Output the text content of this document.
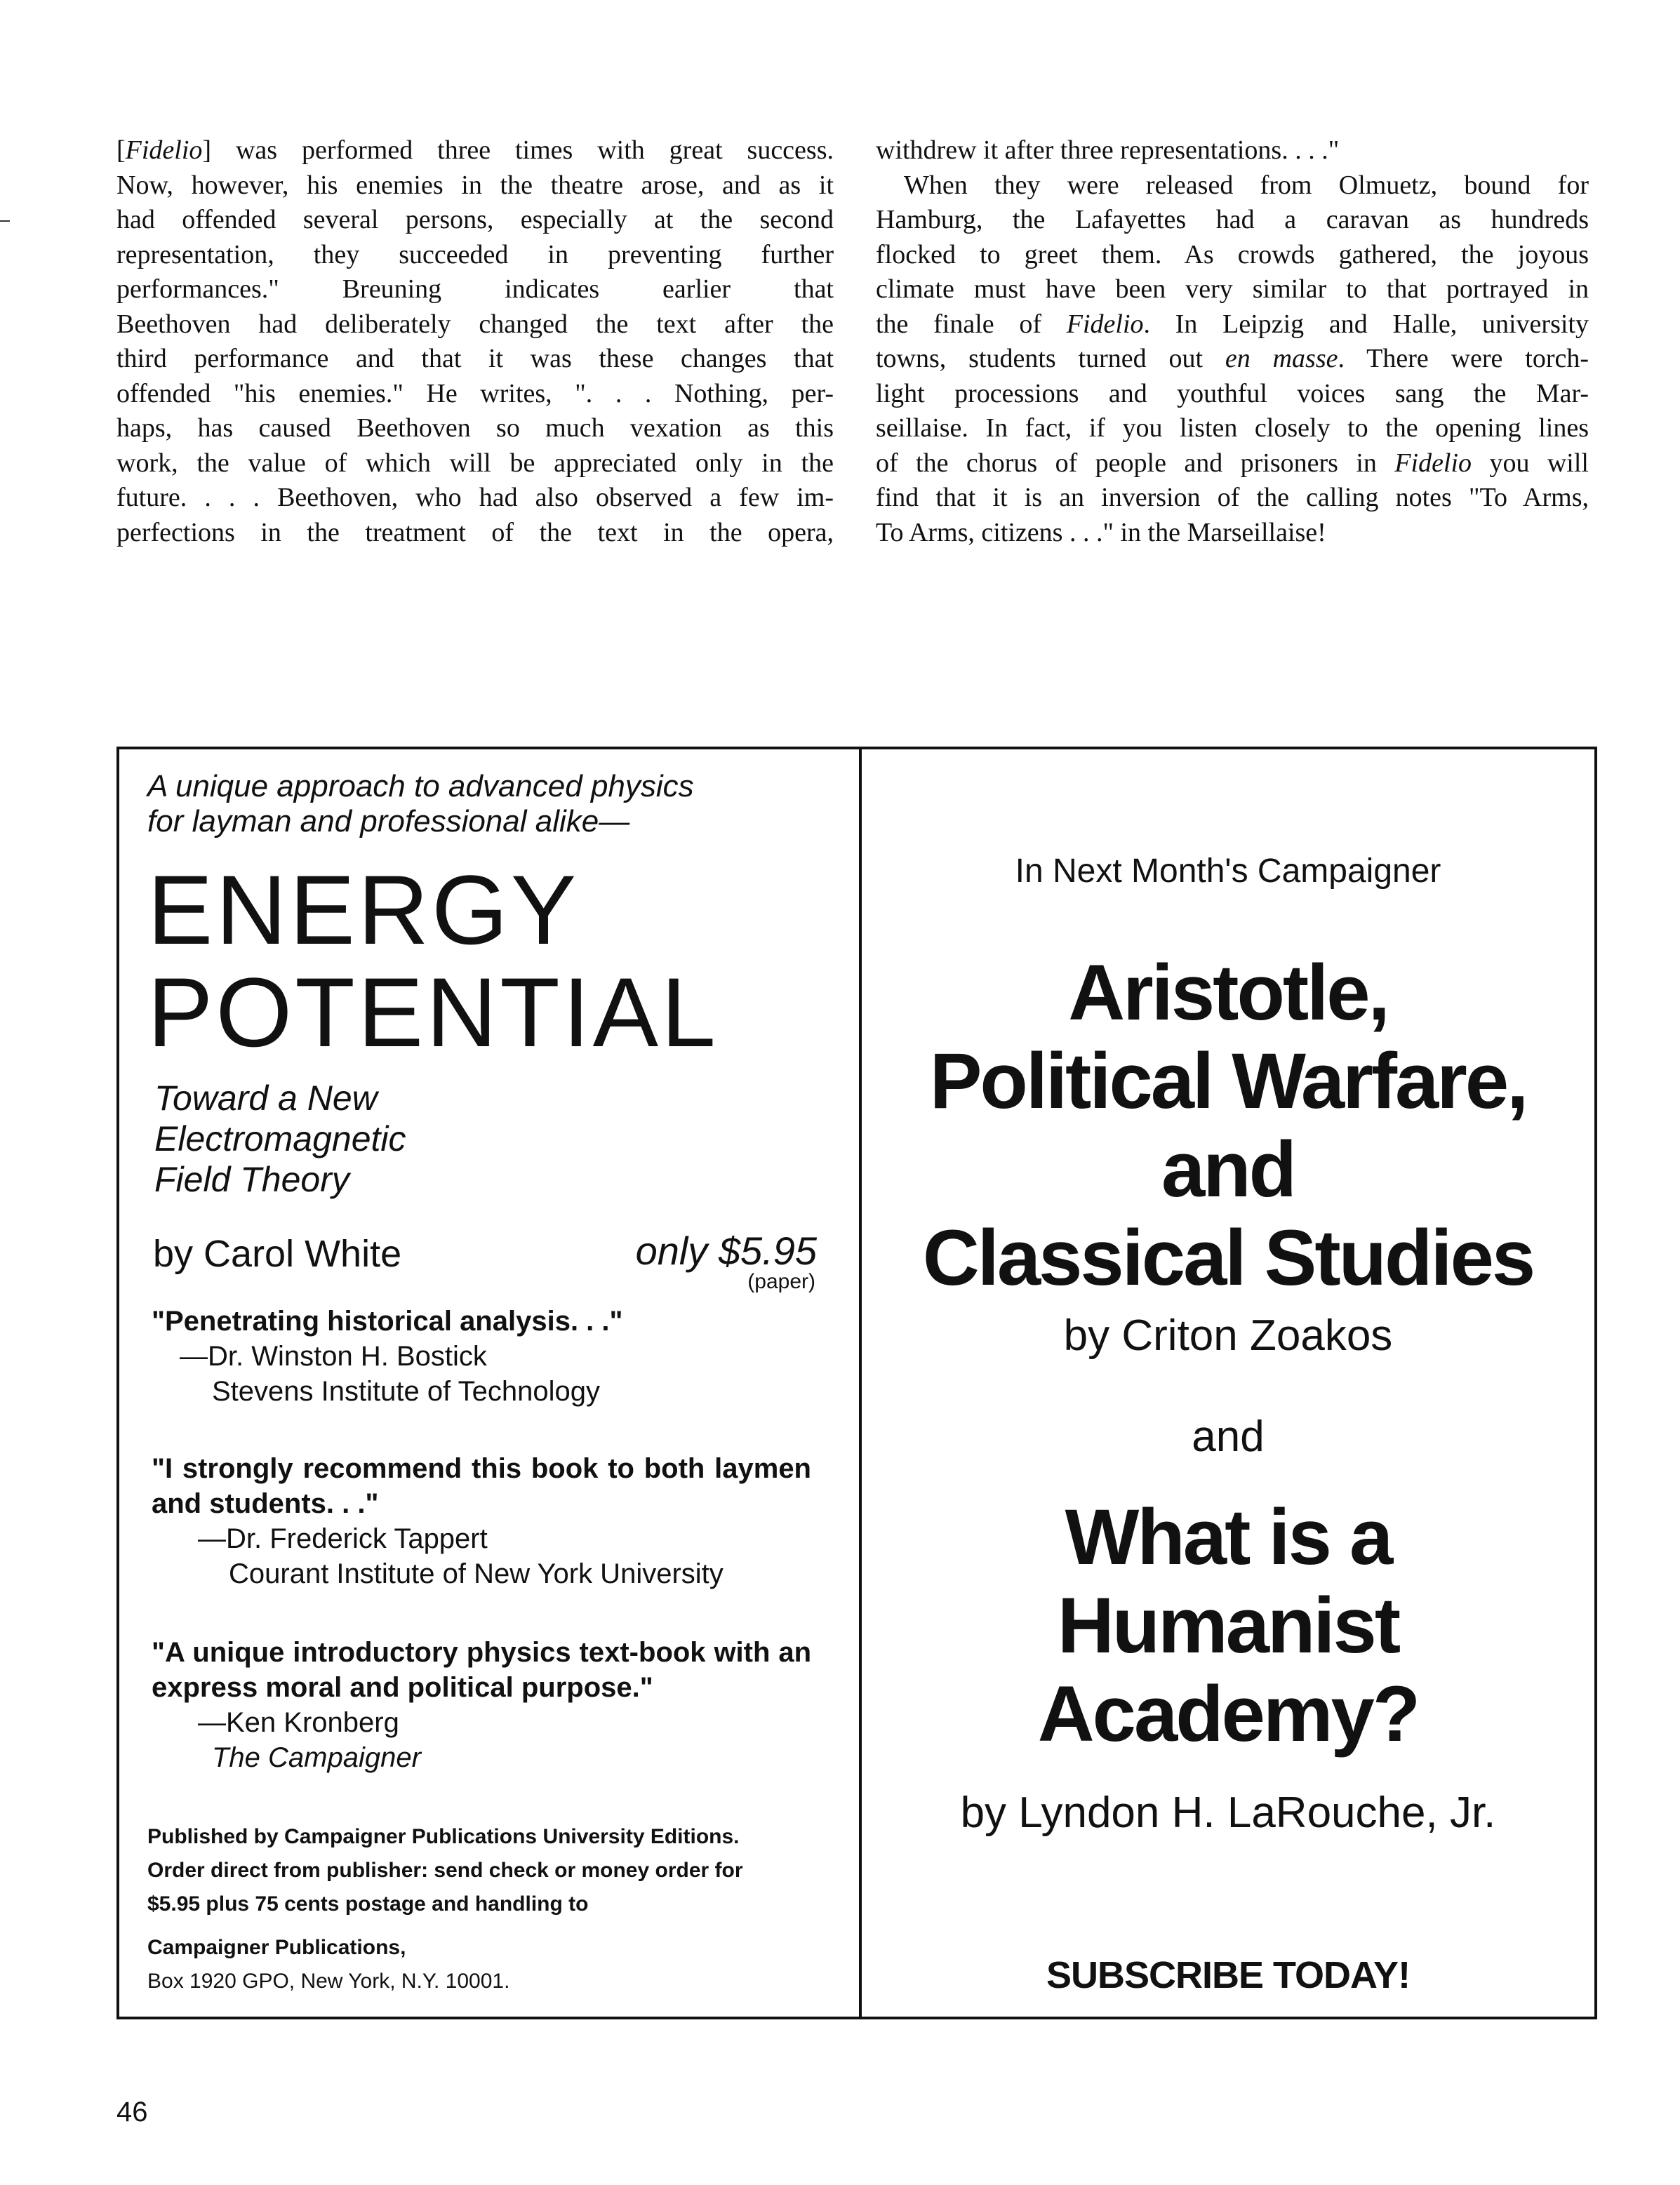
[Fidelio] was performed three times with great success.
Now, however, his enemies in the theatre arose, and as it
had offended several persons, especially at the second
representation, they succeeded in preventing further
performances." Breuning indicates earlier that
Beethoven had deliberately changed the text after the
third performance and that it was these changes that
offended "his enemies." He writes, ". . . Nothing, per-
haps, has caused Beethoven so much vexation as this
work, the value of which will be appreciated only in the
future. . . . Beethoven, who had also observed a few im-
perfections in the treatment of the text in the opera,
withdrew it after three representations. . . ."
When they were released from Olmuetz, bound for
Hamburg, the Lafayettes had a caravan as hundreds
flocked to greet them. As crowds gathered, the joyous
climate must have been very similar to that portrayed in
the finale of Fidelio. In Leipzig and Halle, university
towns, students turned out en masse. There were torch-
light processions and youthful voices sang the Mar-
seillaise. In fact, if you listen closely to the opening lines
of the chorus of people and prisoners in Fidelio you will
find that it is an inversion of the calling notes "To Arms,
To Arms, citizens . . ." in the Marseillaise!
A unique approach to advanced physics
for layman and professional alike—
ENERGY
POTENTIAL
Toward a New
Electromagnetic
Field Theory
by Carol White	only $5.95
(paper)
"Penetrating historical analysis. . ."
—Dr. Winston H. Bostick
Stevens Institute of Technology
"I strongly recommend this book to both laymen and students. . ."
—Dr. Frederick Tappert
Courant Institute of New York University
"A unique introductory physics text-book with an express moral and political purpose."
—Ken Kronberg
The Campaigner
Published by Campaigner Publications University Editions.
Order direct from publisher: send check or money order for
$5.95 plus 75 cents postage and handling to
Campaigner Publications,
Box 1920 GPO, New York, N.Y. 10001.
In Next Month's Campaigner
Aristotle,
Political Warfare,
and
Classical Studies
by Criton Zoakos
and
What is a
Humanist
Academy?
by Lyndon H. LaRouche, Jr.
SUBSCRIBE TODAY!
46
